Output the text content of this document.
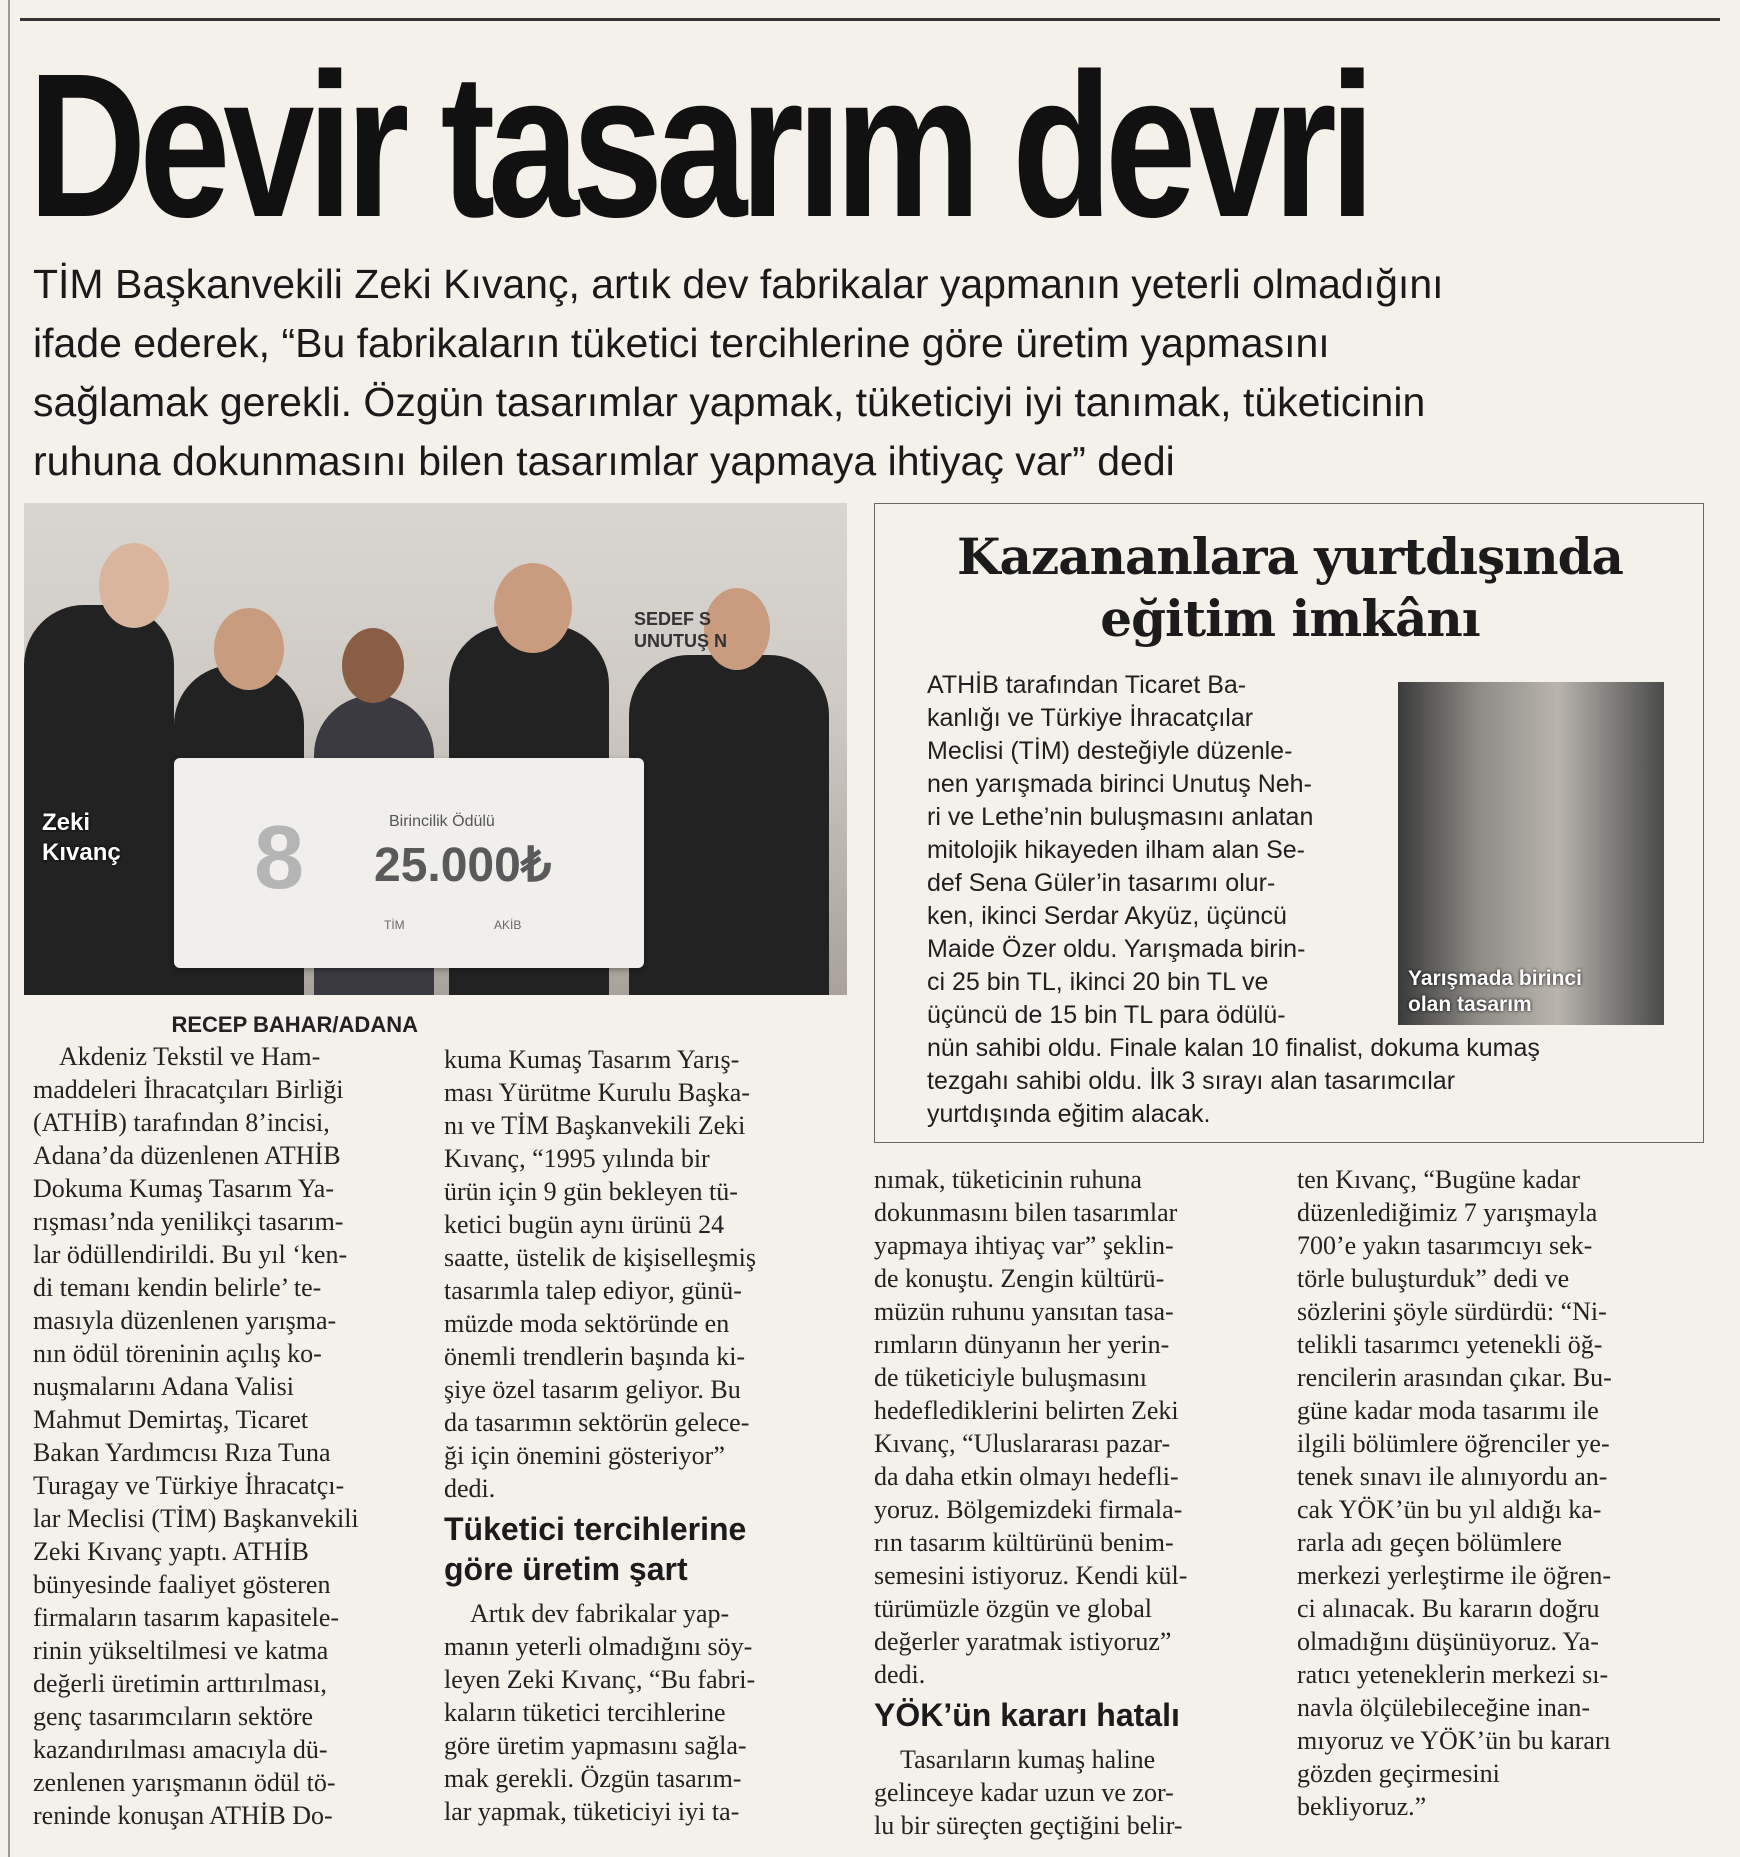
Devir tasarım devri
TİM Başkanvekili Zeki Kıvanç, artık dev fabrikalar yapmanın yeterli olmadığını
ifade ederek, “Bu fabrikaların tüketici tercihlerine göre üretim yapmasını
sağlamak gerekli. Özgün tasarımlar yapmak, tüketiciyi iyi tanımak, tüketicinin
ruhuna dokunmasını bilen tasarımlar yapmaya ihtiyaç var” dedi
SEDEF S
UNUTUŞ N
8	Birincilik Ödülü
25.000₺
TİM	AKİB
Zeki
Kıvanç
Kazananlara yurtdışında
eğitim imkânı
Yarışmada birinci
olan tasarım
ATHİB tarafından Ticaret Ba-
kanlığı ve Türkiye İhracatçılar
Meclisi (TİM) desteğiyle düzenle-
nen yarışmada birinci Unutuş Neh-
ri ve Lethe’nin buluşmasını anlatan
mitolojik hikayeden ilham alan Se-
def Sena Güler’in tasarımı olur-
ken, ikinci Serdar Akyüz, üçüncü
Maide Özer oldu. Yarışmada birin-
ci 25 bin TL, ikinci 20 bin TL ve
üçüncü de 15 bin TL para ödülü-
nün sahibi oldu. Finale kalan 10 finalist, dokuma kumaş
tezgahı sahibi oldu. İlk 3 sırayı alan tasarımcılar
yurtdışında eğitim alacak.
RECEP BAHAR/ADANA
Akdeniz Tekstil ve Ham-
maddeleri İhracatçıları Birliği
(ATHİB) tarafından 8’incisi,
Adana’da düzenlenen ATHİB
Dokuma Kumaş Tasarım Ya-
rışması’nda yenilikçi tasarım-
lar ödüllendirildi. Bu yıl ‘ken-
di temanı kendin belirle’ te-
masıyla düzenlenen yarışma-
nın ödül töreninin açılış ko-
nuşmalarını Adana Valisi
Mahmut Demirtaş, Ticaret
Bakan Yardımcısı Rıza Tuna
Turagay ve Türkiye İhracatçı-
lar Meclisi (TİM) Başkanvekili
Zeki Kıvanç yaptı. ATHİB
bünyesinde faaliyet gösteren
firmaların tasarım kapasitele-
rinin yükseltilmesi ve katma
değerli üretimin arttırılması,
genç tasarımcıların sektöre
kazandırılması amacıyla dü-
zenlenen yarışmanın ödül tö-
reninde konuşan ATHİB Do-
kuma Kumaş Tasarım Yarış-
ması Yürütme Kurulu Başka-
nı ve TİM Başkanvekili Zeki
Kıvanç, “1995 yılında bir
ürün için 9 gün bekleyen tü-
ketici bugün aynı ürünü 24
saatte, üstelik de kişiselleşmiş
tasarımla talep ediyor, günü-
müzde moda sektöründe en
önemli trendlerin başında ki-
şiye özel tasarım geliyor. Bu
da tasarımın sektörün gelece-
ği için önemini gösteriyor”
dedi.
Tüketici tercihlerine
göre üretim şart
Artık dev fabrikalar yap-
manın yeterli olmadığını söy-
leyen Zeki Kıvanç, “Bu fabri-
kaların tüketici tercihlerine
göre üretim yapmasını sağla-
mak gerekli. Özgün tasarım-
lar yapmak, tüketiciyi iyi ta-
nımak, tüketicinin ruhuna
dokunmasını bilen tasarımlar
yapmaya ihtiyaç var” şeklin-
de konuştu. Zengin kültürü-
müzün ruhunu yansıtan tasa-
rımların dünyanın her yerin-
de tüketiciyle buluşmasını
hedeflediklerini belirten Zeki
Kıvanç, “Uluslararası pazar-
da daha etkin olmayı hedefli-
yoruz. Bölgemizdeki firmala-
rın tasarım kültürünü benim-
semesini istiyoruz. Kendi kül-
türümüzle özgün ve global
değerler yaratmak istiyoruz”
dedi.
YÖK’ün kararı hatalı
Tasarıların kumaş haline
gelinceye kadar uzun ve zor-
lu bir süreçten geçtiğini belir-
ten Kıvanç, “Bugüne kadar
düzenlediğimiz 7 yarışmayla
700’e yakın tasarımcıyı sek-
törle buluşturduk” dedi ve
sözlerini şöyle sürdürdü: “Ni-
telikli tasarımcı yetenekli öğ-
rencilerin arasından çıkar. Bu-
güne kadar moda tasarımı ile
ilgili bölümlere öğrenciler ye-
tenek sınavı ile alınıyordu an-
cak YÖK’ün bu yıl aldığı ka-
rarla adı geçen bölümlere
merkezi yerleştirme ile öğren-
ci alınacak. Bu kararın doğru
olmadığını düşünüyoruz. Ya-
ratıcı yeteneklerin merkezi sı-
navla ölçülebileceğine inan-
mıyoruz ve YÖK’ün bu kararı
gözden geçirmesini
bekliyoruz.”
